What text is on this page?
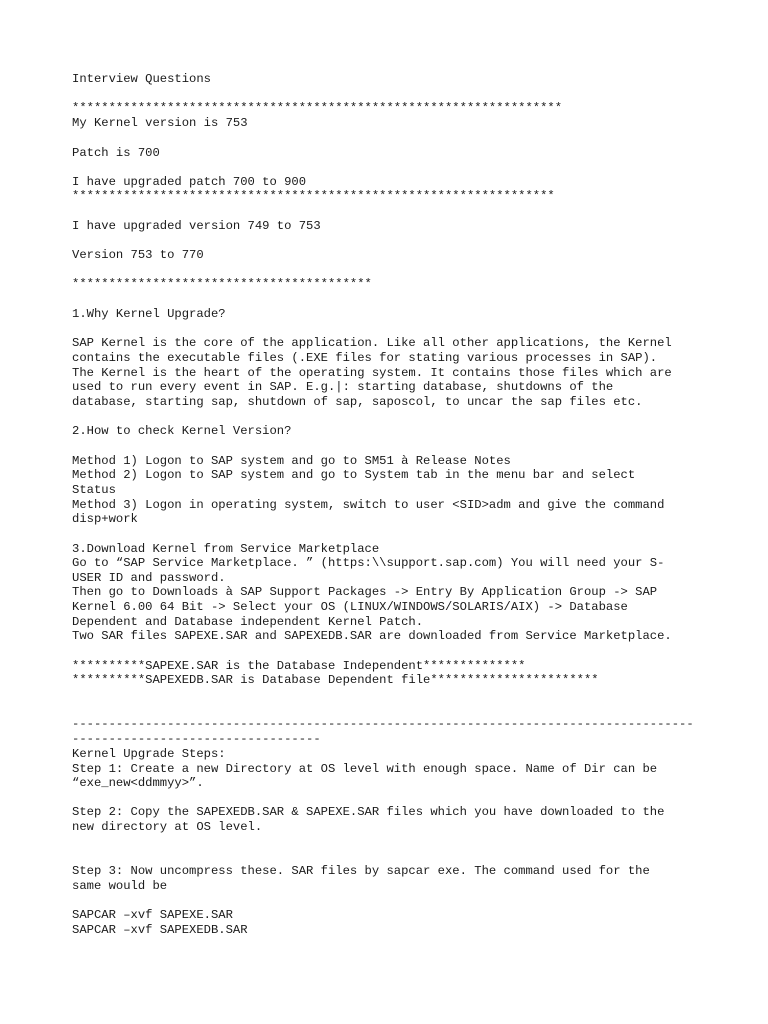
Interview Questions

*******************************************************************

My Kernel version is 753

Patch is 700

I have upgraded patch 700 to 900

******************************************************************

I have upgraded version 749 to 753

Version 753 to 770

*****************************************

1.Why Kernel Upgrade?

SAP Kernel is the core of the application. Like all other applications, the Kernel

contains the executable files (.EXE files for stating various processes in SAP).

The Kernel is the heart of the operating system. It contains those files which are

used to run every event in SAP. E.g.|: starting database, shutdowns of the

database, starting sap, shutdown of sap, saposcol, to uncar the sap files etc.

2.How to check Kernel Version?

Method 1) Logon to SAP system and go to SM51 à Release Notes

Method 2) Logon to SAP system and go to System tab in the menu bar and select

Status

Method 3) Logon in operating system, switch to user <SID>adm and give the command

disp+work

3.Download Kernel from Service Marketplace

Go to “SAP Service Marketplace. ” (https:\\support.sap.com) You will need your S-

USER ID and password.

Then go to Downloads à SAP Support Packages -> Entry By Application Group -> SAP

Kernel 6.00 64 Bit -> Select your OS (LINUX/WINDOWS/SOLARIS/AIX) -> Database

Dependent and Database independent Kernel Patch.

Two SAR files SAPEXE.SAR and SAPEXEDB.SAR are downloaded from Service Marketplace.

**********SAPEXE.SAR is the Database Independent**************

**********SAPEXEDB.SAR is Database Dependent file***********************

-------------------------------------------------------------------------------------

----------------------------------

Kernel Upgrade Steps:

Step 1: Create a new Directory at OS level with enough space. Name of Dir can be

“exe_new<ddmmyy>”.

Step 2: Copy the SAPEXEDB.SAR & SAPEXE.SAR files which you have downloaded to the

new directory at OS level.

Step 3: Now uncompress these. SAR files by sapcar exe. The command used for the

same would be

SAPCAR –xvf SAPEXE.SAR

SAPCAR –xvf SAPEXEDB.SAR
